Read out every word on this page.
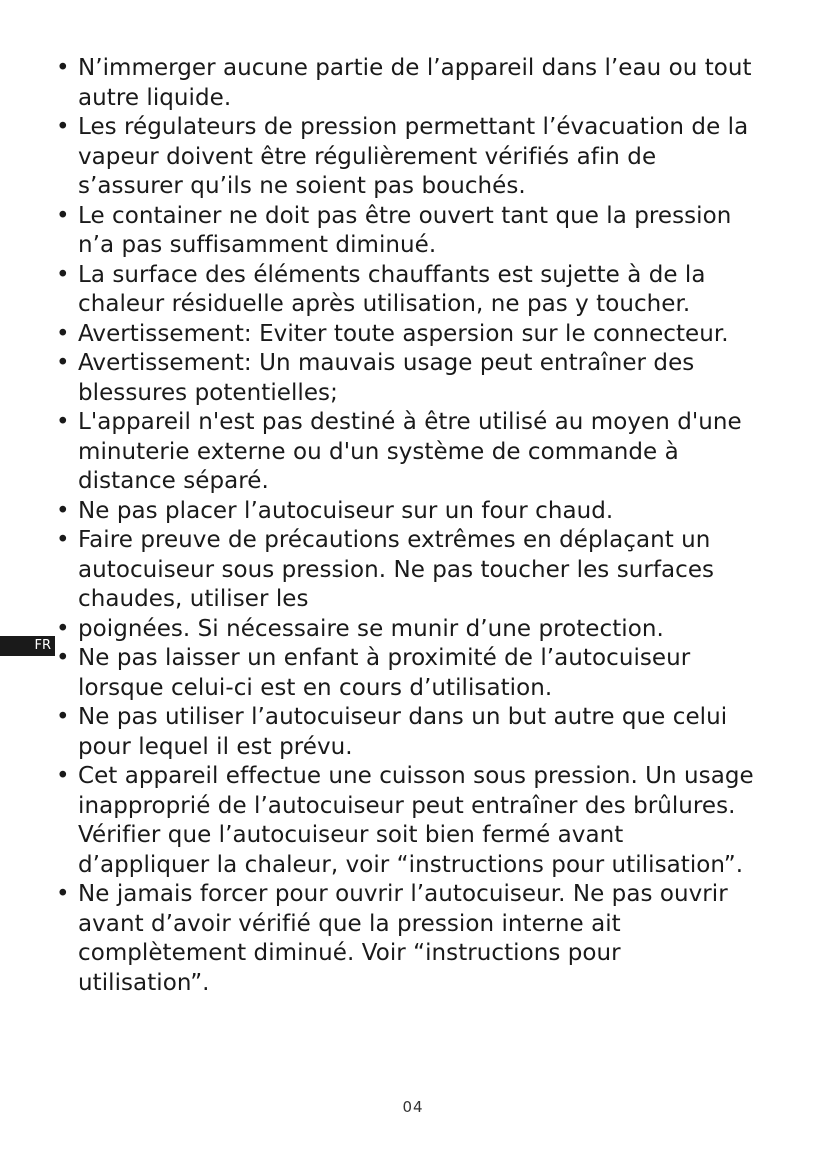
FR
• N’immerger aucune partie de l’appareil dans l’eau ou tout autre liquide.
• Les régulateurs de pression permettant l’évacuation de la vapeur doivent être régulièrement vérifiés afin de s’assurer qu’ils ne soient pas bouchés.
• Le container ne doit pas être ouvert tant que la pression n’a pas suffisamment diminué.
• La surface des éléments chauffants est sujette à de la chaleur résiduelle après utilisation, ne pas y toucher.
• Avertissement: Eviter toute aspersion sur le connecteur.
• Avertissement: Un mauvais usage peut entraîner des blessures potentielles;
• L'appareil n'est pas destiné à être utilisé au moyen d'une minuterie externe ou d'un système de commande à distance séparé.
• Ne pas placer l’autocuiseur sur un four chaud.
• Faire preuve de précautions extrêmes en déplaçant un autocuiseur sous pression. Ne pas toucher les surfaces chaudes, utiliser les
• poignées. Si nécessaire se munir d’une protection.
• Ne pas laisser un enfant à proximité de l’autocuiseur lorsque celui-ci est en cours d’utilisation.
• Ne pas utiliser l’autocuiseur dans un but autre que celui pour lequel il est prévu.
• Cet appareil effectue une cuisson sous pression. Un usage inapproprié de l’autocuiseur peut entraîner des brûlures. Vérifier que l’autocuiseur soit bien fermé avant d’appliquer la chaleur, voir “instructions pour utilisation”.
• Ne jamais forcer pour ouvrir l’autocuiseur. Ne pas ouvrir avant d’avoir vérifié que la pression interne ait complètement diminué. Voir “instructions pour utilisation”.
04
